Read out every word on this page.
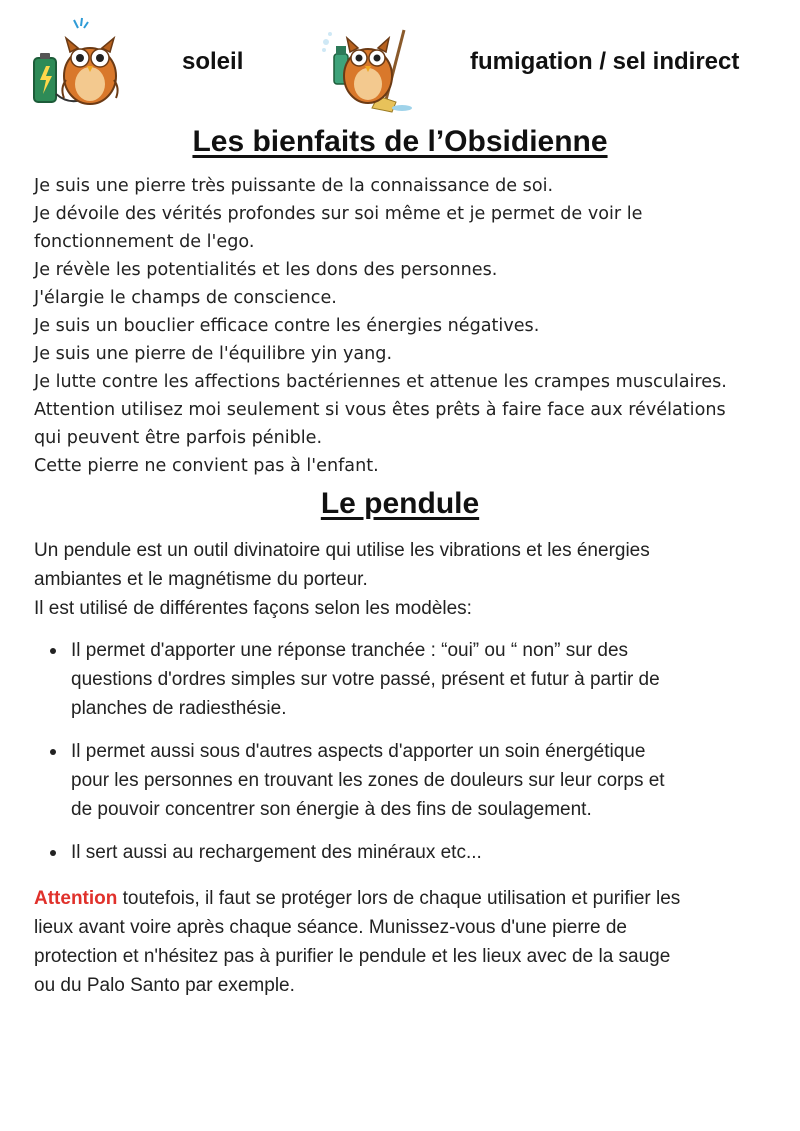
soleil	fumigation / sel indirect
Les bienfaits de l’Obsidienne
Je suis une pierre très puissante de la connaissance de soi.
Je dévoile des vérités profondes sur soi même et je permet de voir le
fonctionnement de l'ego.
Je révèle les potentialités et les dons des personnes.
J'élargie le champs de conscience.
Je suis un bouclier efficace contre les énergies négatives.
Je suis une pierre de l'équilibre yin yang.
Je lutte contre les affections bactériennes et attenue les crampes musculaires.
Attention utilisez moi seulement si vous êtes prêts à faire face aux révélations
qui peuvent être parfois pénible.
Cette pierre ne convient pas à l'enfant.
Le pendule
Un pendule est un outil divinatoire qui utilise les vibrations et les énergies
ambiantes et le magnétisme du porteur.
Il est utilisé de différentes façons selon les modèles:
Il permet d'apporter une réponse tranchée : “oui” ou “ non” sur des
questions d'ordres simples sur votre passé, présent et futur à partir de
planches de radiesthésie.
Il permet aussi sous d'autres aspects d'apporter un soin énergétique
pour les personnes en trouvant les zones de douleurs sur leur corps et
de pouvoir concentrer son énergie à des fins de soulagement.
Il sert aussi au rechargement des minéraux etc...
Attention toutefois, il faut se protéger lors de chaque utilisation et purifier les
lieux avant voire après chaque séance. Munissez-vous d'une pierre de
protection et n'hésitez pas à purifier le pendule et les lieux avec de la sauge
ou du Palo Santo par exemple.
